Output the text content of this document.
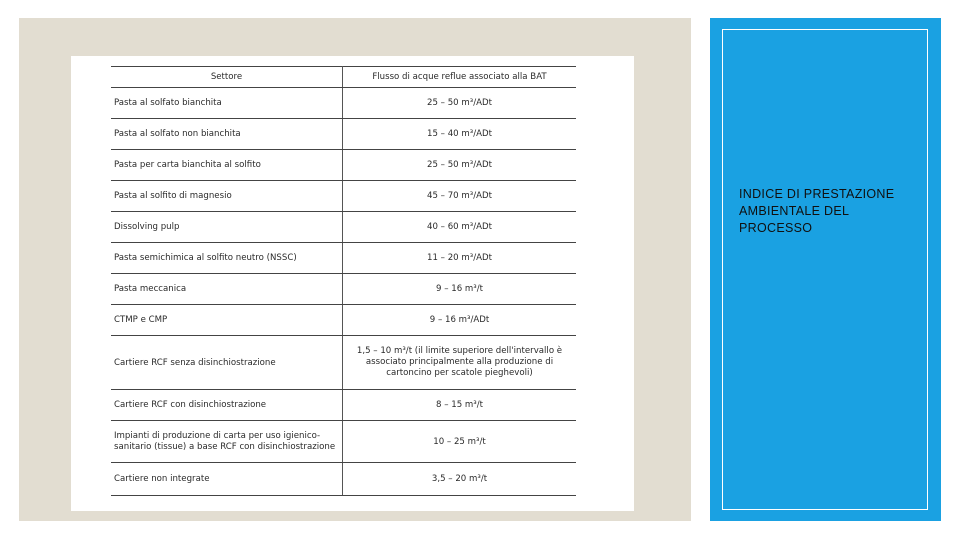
Settore	Flusso di acque reflue associato alla BAT
Pasta al solfato bianchita	25 – 50 m³/ADt
Pasta al solfato non bianchita	15 – 40 m³/ADt
Pasta per carta bianchita al solfito	25 – 50 m³/ADt
Pasta al solfito di magnesio	45 – 70 m³/ADt
Dissolving pulp	40 – 60 m³/ADt
Pasta semichimica al solfito neutro (NSSC)	11 – 20 m³/ADt
Pasta meccanica	9 – 16 m³/t
CTMP e CMP	9 – 16 m³/ADt
Cartiere RCF senza disinchiostrazione	1,5 – 10 m³/t (il limite superiore dell'intervallo è associato principalmente alla produzione di cartoncino per scatole pieghevoli)
Cartiere RCF con disinchiostrazione	8 – 15 m³/t
Impianti di produzione di carta per uso igienico-sanitario (tissue) a base RCF con disinchiostrazione	10 – 25 m³/t
Cartiere non integrate	3,5 – 20 m³/t
INDICE DI PRESTAZIONE AMBIENTALE DEL PROCESSO
